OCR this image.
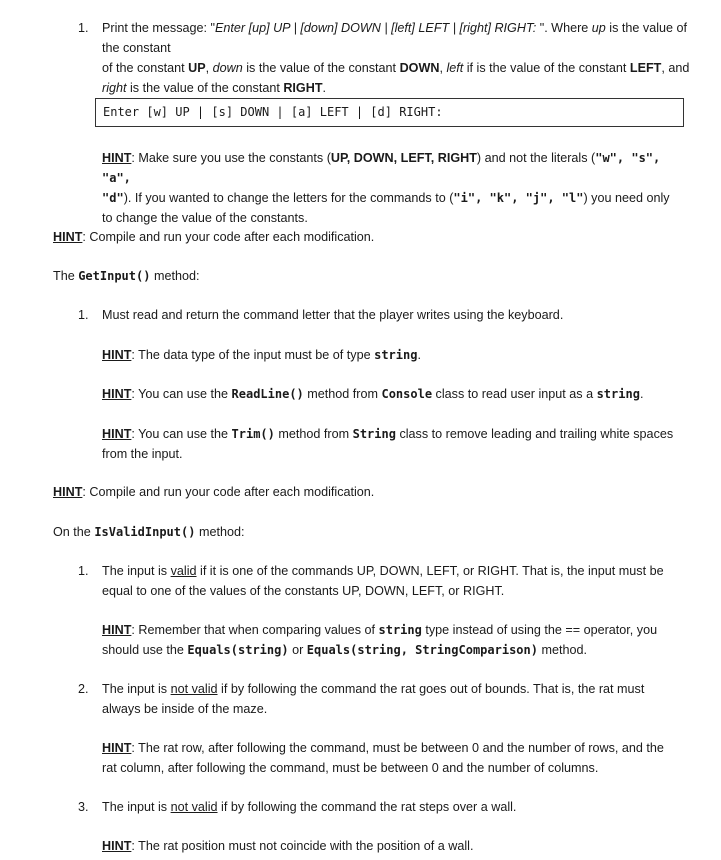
1. Print the message: "Enter [up] UP | [down] DOWN | [left] LEFT | [right] RIGHT: ". Where up is the value of the constant
of the constant UP, down is the value of the constant DOWN, left if is the value of the constant LEFT, and
right is the value of the constant RIGHT.
Enter [w] UP | [s] DOWN | [a] LEFT | [d] RIGHT:
HINT: Make sure you use the constants (UP, DOWN, LEFT, RIGHT) and not the literals ("w", "s", "a",
"d"). If you wanted to change the letters for the commands to ("i", "k", "j", "l") you need only
to change the value of the constants.
HINT: Compile and run your code after each modification.
The GetInput() method:
1. Must read and return the command letter that the player writes using the keyboard.
HINT: The data type of the input must be of type string.
HINT: You can use the ReadLine() method from Console class to read user input as a string.
HINT: You can use the Trim() method from String class to remove leading and trailing white spaces
from the input.
HINT: Compile and run your code after each modification.
On the IsValidInput() method:
1. The input is valid if it is one of the commands UP, DOWN, LEFT, or RIGHT. That is, the input must be
equal to one of the values of the constants UP, DOWN, LEFT, or RIGHT.
HINT: Remember that when comparing values of string type instead of using the == operator, you
should use the Equals(string) or Equals(string, StringComparison) method.
2. The input is not valid if by following the command the rat goes out of bounds. That is, the rat must
always be inside of the maze.
HINT: The rat row, after following the command, must be between 0 and the number of rows, and the
rat column, after following the command, must be between 0 and the number of columns.
3. The input is not valid if by following the command the rat steps over a wall.
HINT: The rat position must not coincide with the position of a wall.
